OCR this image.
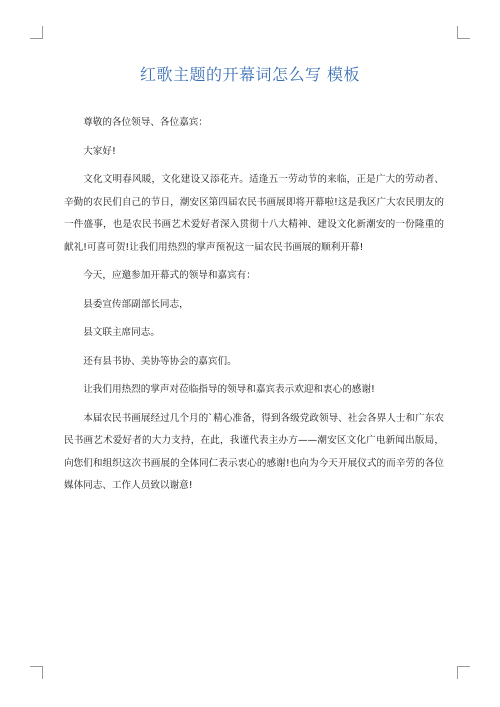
红歌主题的开幕词怎么写 模板

尊敬的各位领导、各位嘉宾：

大家好!

文化文明春风暖，文化建设又添花卉。适逢五一劳动节的来临，正是广大的劳动者、辛勤的农民们自己的节日，潮安区第四届农民书画展即将开幕啦!这是我区广大农民朋友的一件盛事，也是农民书画艺术爱好者深入贯彻十八大精神、建设文化新潮安的一份隆重的献礼!可喜可贺!让我们用热烈的掌声预祝这一届农民书画展的顺利开幕!

今天，应邀参加开幕式的领导和嘉宾有：

县委宣传部副部长同志，

县文联主席同志。

还有县书协、美协等协会的嘉宾们。

让我们用热烈的掌声对莅临指导的领导和嘉宾表示欢迎和衷心的感谢!

本届农民书画展经过几个月的`精心准备，得到各级党政领导、社会各界人士和广东农民书画艺术爱好者的大力支持，在此，我谨代表主办方——潮安区文化广电新闻出版局，向您们和组织这次书画展的全体同仁表示衷心的感谢!也向为今天开展仪式的而辛劳的各位媒体同志、工作人员致以谢意!
